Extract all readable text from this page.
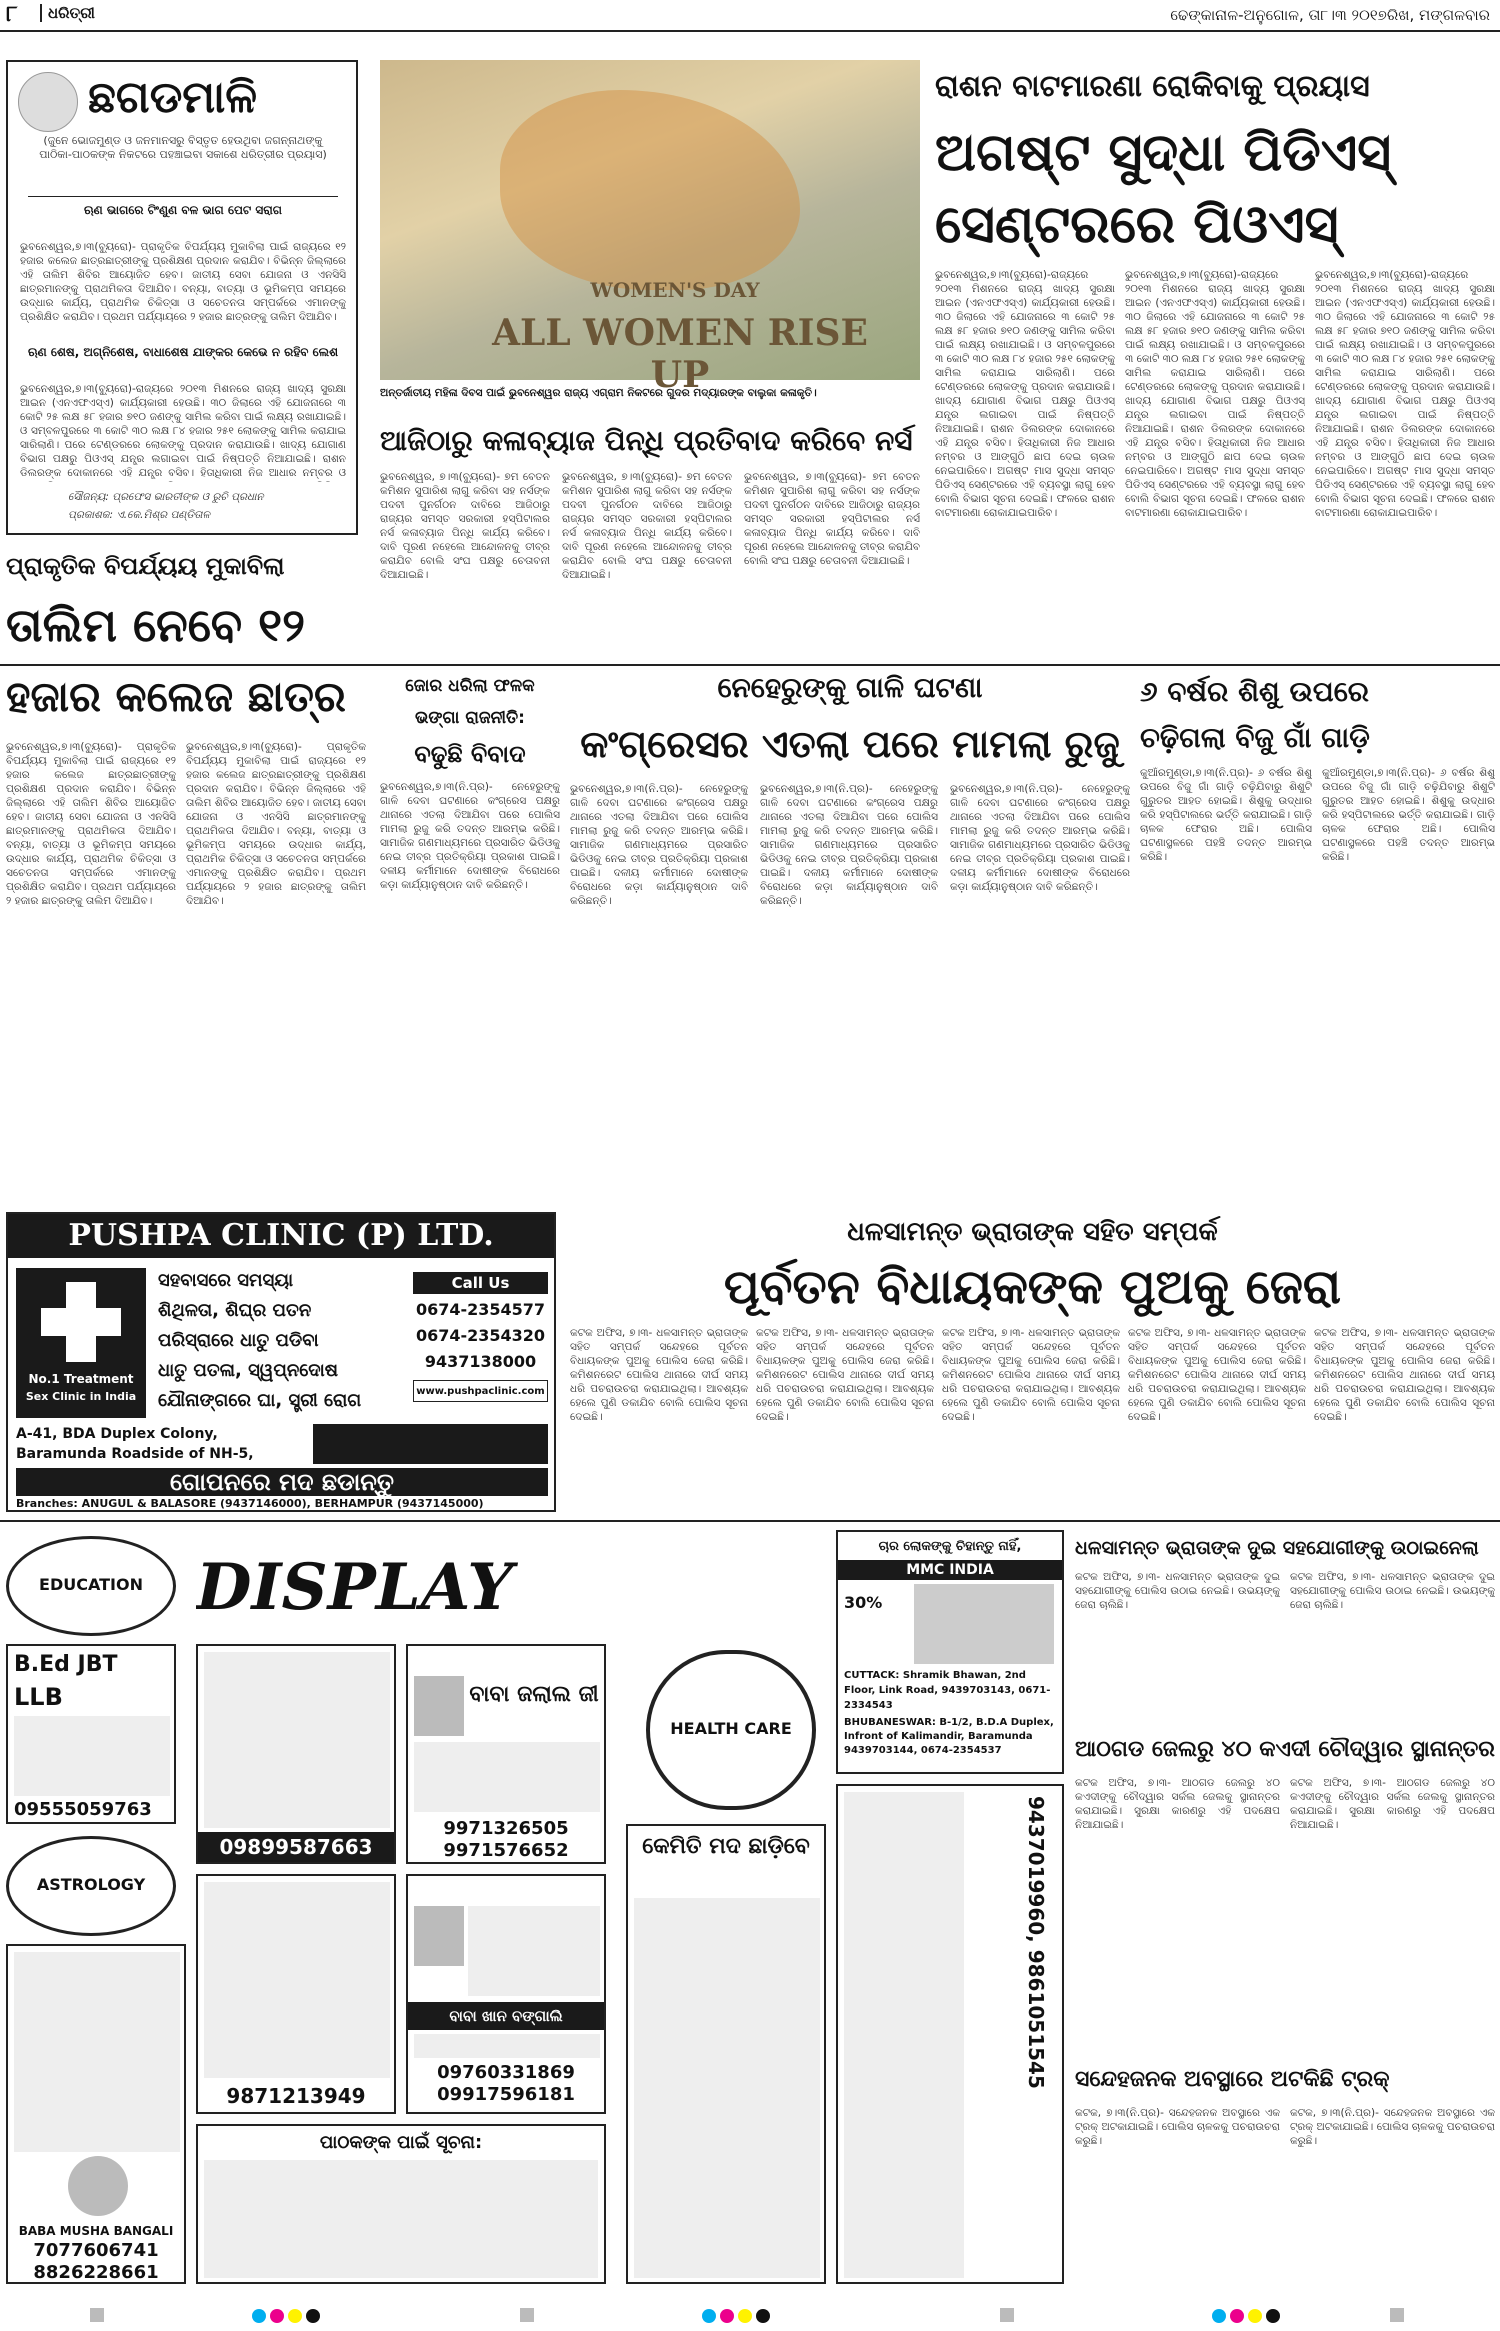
୮	ଧରିତ୍ରୀ	ଢେଙ୍କାନାଳ-ଅନୁଗୋଳ, ତା୮।୩ ୨୦୧୭ରିଖ, ମଙ୍ଗଳବାର
ଛଗଡମାଳି
(ଜୁନେ ଭୋଜମୁଣ୍ଡ ଓ ଜନମାନସରୁ ବିସ୍ତୃତ ହେଉଥିବା ଜଗନ୍ନାଥଙ୍କୁ ପାଠିକା-ପାଠକଙ୍କ ନିକଟରେ ପହଞ୍ଚାଇବା ସକାଶେ ଧରିତ୍ରୀର ପ୍ରୟାସ)
ଋଣ ଭାଗରେ ଟିଂଣୁଣ ବଳ ଭାଗ ପେଟ ସରାଗ
ଭୁବନେଶ୍ୱର,୭।୩(ବ୍ୟୁରୋ)- ପ୍ରାକୃତିକ ବିପର୍ଯ୍ୟୟ ମୁକାବିଲା ପାଇଁ ରାଜ୍ୟରେ ୧୨ ହଜାର କଲେଜ ଛାତ୍ରଛାତ୍ରୀଙ୍କୁ ପ୍ରଶିକ୍ଷଣ ପ୍ରଦାନ କରାଯିବ। ବିଭିନ୍ନ ଜିଲ୍ଲାରେ ଏହି ତାଲିମ ଶିବିର ଆୟୋଜିତ ହେବ। ଜାତୀୟ ସେବା ଯୋଜନା ଓ ଏନସିସି ଛାତ୍ରମାନଙ୍କୁ ପ୍ରାଥମିକତା ଦିଆଯିବ। ବନ୍ୟା, ବାତ୍ୟା ଓ ଭୂମିକମ୍ପ ସମୟରେ ଉଦ୍ଧାର କାର୍ଯ୍ୟ, ପ୍ରାଥମିକ ଚିକିତ୍ସା ଓ ସଚେତନତା ସମ୍ପର୍କରେ ଏମାନଙ୍କୁ ପ୍ରଶିକ୍ଷିତ କରାଯିବ। ପ୍ରଥମ ପର୍ଯ୍ୟାୟରେ ୨ ହଜାର ଛାତ୍ରଙ୍କୁ ତାଲିମ ଦିଆଯିବ।
ଋଣ ଶେଷ, ଅଗ୍ନିଶେଷ, ବାଧାଶେଷ ଯାଙ୍କର କେଭେ ନ ରହିବ ଲେଶ
ଭୁବନେଶ୍ୱର,୭।୩(ବ୍ୟୁରୋ)-ରାଜ୍ୟରେ ୨୦୧୩ ମିଶନରେ ରାଜ୍ୟ ଖାଦ୍ୟ ସୁରକ୍ଷା ଆଇନ (ଏନଏଫଏସ୍ଏ) କାର୍ଯ୍ୟକାରୀ ହେଉଛି। ୩୦ ଜିଲାରେ ଏହି ଯୋଜନାରେ ୩ କୋଟି ୨୫ ଲକ୍ଷ ୫୮ ହଜାର ୭୧୦ ଜଣଙ୍କୁ ସାମିଲ କରିବା ପାଇଁ ଲକ୍ଷ୍ୟ ରଖାଯାଇଛି। ଓ ସମ୍ବଳପୁରରେ ୩ କୋଟି ୩୦ ଲକ୍ଷ ୮୪ ହଜାର ୨୫୧ ଲୋକଙ୍କୁ ସାମିଲ କରାଯାଇ ସାରିଲାଣି। ପରେ ଟେଣ୍ଡରରେ ଲୋକଙ୍କୁ ପ୍ରଦାନ କରାଯାଉଛି। ଖାଦ୍ୟ ଯୋଗାଣ ବିଭାଗ ପକ୍ଷରୁ ପିଓଏସ୍ ଯନ୍ତ୍ର ଲଗାଇବା ପାଇଁ ନିଷ୍ପତ୍ତି ନିଆଯାଇଛି। ରାଶନ ଡିଲରଙ୍କ ଦୋକାନରେ ଏହି ଯନ୍ତ୍ର ବସିବ। ହିତାଧିକାରୀ ନିଜ ଆଧାର ନମ୍ବର ଓ
ସୌଜନ୍ୟ: ପ୍ରଫେସ ଭାରତୀଙ୍କ ଓ ରୁଚି ପ୍ରଧାନ
ପ୍ରକାଶକ: ଏ.କେ.ମିଶ୍ର ପଣ୍ଡିତାଳ
WOMEN'S DAY
ALL WOMEN RISE UP
ଅନ୍ତର୍ଜାତୀୟ ମହିଳା ଦିବସ ପାଇଁ ଭୁବନେଶ୍ୱର ରାଜ୍ୟ ଏଗ୍ରାମ ନିକଟରେ ଗୁଦର ମଦ୍ୟାରଙ୍କ ବାଲୁକା କଳାକୃତି।
ରାଶନ ବାଟମାରଣା ରୋକିବାକୁ ପ୍ରୟାସ
ଅଗଷ୍ଟ ସୁଦ୍ଧା ପିଡିଏସ୍
ସେଣ୍ଟରରେ ପିଓଏସ୍
ଭୁବନେଶ୍ୱର,୭।୩(ବ୍ୟୁରୋ)-ରାଜ୍ୟରେ ୨୦୧୩ ମିଶନରେ ରାଜ୍ୟ ଖାଦ୍ୟ ସୁରକ୍ଷା ଆଇନ (ଏନଏଫଏସ୍ଏ) କାର୍ଯ୍ୟକାରୀ ହେଉଛି। ୩୦ ଜିଲାରେ ଏହି ଯୋଜନାରେ ୩ କୋଟି ୨୫ ଲକ୍ଷ ୫୮ ହଜାର ୭୧୦ ଜଣଙ୍କୁ ସାମିଲ କରିବା ପାଇଁ ଲକ୍ଷ୍ୟ ରଖାଯାଇଛି। ଓ ସମ୍ବଳପୁରରେ ୩ କୋଟି ୩୦ ଲକ୍ଷ ୮୪ ହଜାର ୨୫୧ ଲୋକଙ୍କୁ ସାମିଲ କରାଯାଇ ସାରିଲାଣି। ପରେ ଟେଣ୍ଡରରେ ଲୋକଙ୍କୁ ପ୍ରଦାନ କରାଯାଉଛି। ଖାଦ୍ୟ ଯୋଗାଣ ବିଭାଗ ପକ୍ଷରୁ ପିଓଏସ୍ ଯନ୍ତ୍ର ଲଗାଇବା ପାଇଁ ନିଷ୍ପତ୍ତି ନିଆଯାଇଛି। ରାଶନ ଡିଲରଙ୍କ ଦୋକାନରେ ଏହି ଯନ୍ତ୍ର ବସିବ। ହିତାଧିକାରୀ ନିଜ ଆଧାର ନମ୍ବର ଓ ଆଙ୍ଗୁଠି ଛାପ ଦେଇ ଚାଉଳ ନେଇପାରିବେ। ଅଗଷ୍ଟ ମାସ ସୁଦ୍ଧା ସମସ୍ତ ପିଡିଏସ୍ ସେଣ୍ଟରରେ ଏହି ବ୍ୟବସ୍ଥା ଲାଗୁ ହେବ ବୋଲି ବିଭାଗ ସୂଚନା ଦେଇଛି। ଫଳରେ ରାଶନ ବାଟମାରଣା ରୋକାଯାଇପାରିବ।
ଭୁବନେଶ୍ୱର,୭।୩(ବ୍ୟୁରୋ)-ରାଜ୍ୟରେ ୨୦୧୩ ମିଶନରେ ରାଜ୍ୟ ଖାଦ୍ୟ ସୁରକ୍ଷା ଆଇନ (ଏନଏଫଏସ୍ଏ) କାର୍ଯ୍ୟକାରୀ ହେଉଛି। ୩୦ ଜିଲାରେ ଏହି ଯୋଜନାରେ ୩ କୋଟି ୨୫ ଲକ୍ଷ ୫୮ ହଜାର ୭୧୦ ଜଣଙ୍କୁ ସାମିଲ କରିବା ପାଇଁ ଲକ୍ଷ୍ୟ ରଖାଯାଇଛି। ଓ ସମ୍ବଳପୁରରେ ୩ କୋଟି ୩୦ ଲକ୍ଷ ୮୪ ହଜାର ୨୫୧ ଲୋକଙ୍କୁ ସାମିଲ କରାଯାଇ ସାରିଲାଣି। ପରେ ଟେଣ୍ଡରରେ ଲୋକଙ୍କୁ ପ୍ରଦାନ କରାଯାଉଛି। ଖାଦ୍ୟ ଯୋଗାଣ ବିଭାଗ ପକ୍ଷରୁ ପିଓଏସ୍ ଯନ୍ତ୍ର ଲଗାଇବା ପାଇଁ ନିଷ୍ପତ୍ତି ନିଆଯାଇଛି। ରାଶନ ଡିଲରଙ୍କ ଦୋକାନରେ ଏହି ଯନ୍ତ୍ର ବସିବ। ହିତାଧିକାରୀ ନିଜ ଆଧାର ନମ୍ବର ଓ ଆଙ୍ଗୁଠି ଛାପ ଦେଇ ଚାଉଳ ନେଇପାରିବେ। ଅଗଷ୍ଟ ମାସ ସୁଦ୍ଧା ସମସ୍ତ ପିଡିଏସ୍ ସେଣ୍ଟରରେ ଏହି ବ୍ୟବସ୍ଥା ଲାଗୁ ହେବ ବୋଲି ବିଭାଗ ସୂଚନା ଦେଇଛି। ଫଳରେ ରାଶନ ବାଟମାରଣା ରୋକାଯାଇପାରିବ।
ଭୁବନେଶ୍ୱର,୭।୩(ବ୍ୟୁରୋ)-ରାଜ୍ୟରେ ୨୦୧୩ ମିଶନରେ ରାଜ୍ୟ ଖାଦ୍ୟ ସୁରକ୍ଷା ଆଇନ (ଏନଏଫଏସ୍ଏ) କାର୍ଯ୍ୟକାରୀ ହେଉଛି। ୩୦ ଜିଲାରେ ଏହି ଯୋଜନାରେ ୩ କୋଟି ୨୫ ଲକ୍ଷ ୫୮ ହଜାର ୭୧୦ ଜଣଙ୍କୁ ସାମିଲ କରିବା ପାଇଁ ଲକ୍ଷ୍ୟ ରଖାଯାଇଛି। ଓ ସମ୍ବଳପୁରରେ ୩ କୋଟି ୩୦ ଲକ୍ଷ ୮୪ ହଜାର ୨୫୧ ଲୋକଙ୍କୁ ସାମିଲ କରାଯାଇ ସାରିଲାଣି। ପରେ ଟେଣ୍ଡରରେ ଲୋକଙ୍କୁ ପ୍ରଦାନ କରାଯାଉଛି। ଖାଦ୍ୟ ଯୋଗାଣ ବିଭାଗ ପକ୍ଷରୁ ପିଓଏସ୍ ଯନ୍ତ୍ର ଲଗାଇବା ପାଇଁ ନିଷ୍ପତ୍ତି ନିଆଯାଇଛି। ରାଶନ ଡିଲରଙ୍କ ଦୋକାନରେ ଏହି ଯନ୍ତ୍ର ବସିବ। ହିତାଧିକାରୀ ନିଜ ଆଧାର ନମ୍ବର ଓ ଆଙ୍ଗୁଠି ଛାପ ଦେଇ ଚାଉଳ ନେଇପାରିବେ। ଅଗଷ୍ଟ ମାସ ସୁଦ୍ଧା ସମସ୍ତ ପିଡିଏସ୍ ସେଣ୍ଟରରେ ଏହି ବ୍ୟବସ୍ଥା ଲାଗୁ ହେବ ବୋଲି ବିଭାଗ ସୂଚନା ଦେଇଛି। ଫଳରେ ରାଶନ ବାଟମାରଣା ରୋକାଯାଇପାରିବ।
ଆଜିଠାରୁ କଳାବ୍ୟାଜ ପିନ୍ଧି ପ୍ରତିବାଦ କରିବେ ନର୍ସ
ଭୁବନେଶ୍ୱର, ୭।୩(ବ୍ୟୁରୋ)- ୭ମ ବେତନ କମିଶନ ସୁପାରିଶ ଲାଗୁ କରିବା ସହ ନର୍ସଙ୍କ ପଦବୀ ପୁନର୍ଗଠନ ଦାବିରେ ଆଜିଠାରୁ ରାଜ୍ୟର ସମସ୍ତ ସରକାରୀ ହସ୍ପିଟାଲର ନର୍ସ କଳାବ୍ୟାଜ ପିନ୍ଧି କାର୍ଯ୍ୟ କରିବେ। ଦାବି ପୂରଣ ନହେଲେ ଆନ୍ଦୋଳନକୁ ତୀବ୍ର କରାଯିବ ବୋଲି ସଂଘ ପକ୍ଷରୁ ଚେତାବନୀ ଦିଆଯାଇଛି।
ଭୁବନେଶ୍ୱର, ୭।୩(ବ୍ୟୁରୋ)- ୭ମ ବେତନ କମିଶନ ସୁପାରିଶ ଲାଗୁ କରିବା ସହ ନର୍ସଙ୍କ ପଦବୀ ପୁନର୍ଗଠନ ଦାବିରେ ଆଜିଠାରୁ ରାଜ୍ୟର ସମସ୍ତ ସରକାରୀ ହସ୍ପିଟାଲର ନର୍ସ କଳାବ୍ୟାଜ ପିନ୍ଧି କାର୍ଯ୍ୟ କରିବେ। ଦାବି ପୂରଣ ନହେଲେ ଆନ୍ଦୋଳନକୁ ତୀବ୍ର କରାଯିବ ବୋଲି ସଂଘ ପକ୍ଷରୁ ଚେତାବନୀ ଦିଆଯାଇଛି।
ଭୁବନେଶ୍ୱର, ୭।୩(ବ୍ୟୁରୋ)- ୭ମ ବେତନ କମିଶନ ସୁପାରିଶ ଲାଗୁ କରିବା ସହ ନର୍ସଙ୍କ ପଦବୀ ପୁନର୍ଗଠନ ଦାବିରେ ଆଜିଠାରୁ ରାଜ୍ୟର ସମସ୍ତ ସରକାରୀ ହସ୍ପିଟାଲର ନର୍ସ କଳାବ୍ୟାଜ ପିନ୍ଧି କାର୍ଯ୍ୟ କରିବେ। ଦାବି ପୂରଣ ନହେଲେ ଆନ୍ଦୋଳନକୁ ତୀବ୍ର କରାଯିବ ବୋଲି ସଂଘ ପକ୍ଷରୁ ଚେତାବନୀ ଦିଆଯାଇଛି।
ପ୍ରାକୃତିକ ବିପର୍ଯ୍ୟୟ ମୁକାବିଲା
ତାଲିମ ନେବେ ୧୨
ହଜାର କଲେଜ ଛାତ୍ର
ଭୁବନେଶ୍ୱର,୭।୩(ବ୍ୟୁରୋ)- ପ୍ରାକୃତିକ ବିପର୍ଯ୍ୟୟ ମୁକାବିଲା ପାଇଁ ରାଜ୍ୟରେ ୧୨ ହଜାର କଲେଜ ଛାତ୍ରଛାତ୍ରୀଙ୍କୁ ପ୍ରଶିକ୍ଷଣ ପ୍ରଦାନ କରାଯିବ। ବିଭିନ୍ନ ଜିଲ୍ଲାରେ ଏହି ତାଲିମ ଶିବିର ଆୟୋଜିତ ହେବ। ଜାତୀୟ ସେବା ଯୋଜନା ଓ ଏନସିସି ଛାତ୍ରମାନଙ୍କୁ ପ୍ରାଥମିକତା ଦିଆଯିବ। ବନ୍ୟା, ବାତ୍ୟା ଓ ଭୂମିକମ୍ପ ସମୟରେ ଉଦ୍ଧାର କାର୍ଯ୍ୟ, ପ୍ରାଥମିକ ଚିକିତ୍ସା ଓ ସଚେତନତା ସମ୍ପର୍କରେ ଏମାନଙ୍କୁ ପ୍ରଶିକ୍ଷିତ କରାଯିବ। ପ୍ରଥମ ପର୍ଯ୍ୟାୟରେ ୨ ହଜାର ଛାତ୍ରଙ୍କୁ ତାଲିମ ଦିଆଯିବ।
ଭୁବନେଶ୍ୱର,୭।୩(ବ୍ୟୁରୋ)- ପ୍ରାକୃତିକ ବିପର୍ଯ୍ୟୟ ମୁକାବିଲା ପାଇଁ ରାଜ୍ୟରେ ୧୨ ହଜାର କଲେଜ ଛାତ୍ରଛାତ୍ରୀଙ୍କୁ ପ୍ରଶିକ୍ଷଣ ପ୍ରଦାନ କରାଯିବ। ବିଭିନ୍ନ ଜିଲ୍ଲାରେ ଏହି ତାଲିମ ଶିବିର ଆୟୋଜିତ ହେବ। ଜାତୀୟ ସେବା ଯୋଜନା ଓ ଏନସିସି ଛାତ୍ରମାନଙ୍କୁ ପ୍ରାଥମିକତା ଦିଆଯିବ। ବନ୍ୟା, ବାତ୍ୟା ଓ ଭୂମିକମ୍ପ ସମୟରେ ଉଦ୍ଧାର କାର୍ଯ୍ୟ, ପ୍ରାଥମିକ ଚିକିତ୍ସା ଓ ସଚେତନତା ସମ୍ପର୍କରେ ଏମାନଙ୍କୁ ପ୍ରଶିକ୍ଷିତ କରାଯିବ। ପ୍ରଥମ ପର୍ଯ୍ୟାୟରେ ୨ ହଜାର ଛାତ୍ରଙ୍କୁ ତାଲିମ ଦିଆଯିବ।
ଜୋର ଧରିଲା ଫଳକ
ଭଙ୍ଗା ରାଜନୀତି:
ବଢୁଛି ବିବାଦ
ଭୁବନେଶ୍ୱର,୭।୩(ନି.ପ୍ର)- ନେହେରୁଙ୍କୁ ଗାଳି ଦେବା ଘଟଣାରେ କଂଗ୍ରେସ ପକ୍ଷରୁ ଥାନାରେ ଏତଲା ଦିଆଯିବା ପରେ ପୋଲିସ ମାମଲା ରୁଜୁ କରି ତଦନ୍ତ ଆରମ୍ଭ କରିଛି। ସାମାଜିକ ଗଣମାଧ୍ୟମରେ ପ୍ରସାରିତ ଭିଡିଓକୁ ନେଇ ତୀବ୍ର ପ୍ରତିକ୍ରିୟା ପ୍ରକାଶ ପାଇଛି। ଦଳୀୟ କର୍ମୀମାନେ ଦୋଷୀଙ୍କ ବିରୋଧରେ କଡ଼ା କାର୍ଯ୍ୟାନୁଷ୍ଠାନ ଦାବି କରିଛନ୍ତି।
ନେହେରୁଙ୍କୁ ଗାଳି ଘଟଣା
କଂଗ୍ରେସର ଏତଲା ପରେ ମାମଲା ରୁଜୁ
ଭୁବନେଶ୍ୱର,୭।୩(ନି.ପ୍ର)- ନେହେରୁଙ୍କୁ ଗାଳି ଦେବା ଘଟଣାରେ କଂଗ୍ରେସ ପକ୍ଷରୁ ଥାନାରେ ଏତଲା ଦିଆଯିବା ପରେ ପୋଲିସ ମାମଲା ରୁଜୁ କରି ତଦନ୍ତ ଆରମ୍ଭ କରିଛି। ସାମାଜିକ ଗଣମାଧ୍ୟମରେ ପ୍ରସାରିତ ଭିଡିଓକୁ ନେଇ ତୀବ୍ର ପ୍ରତିକ୍ରିୟା ପ୍ରକାଶ ପାଇଛି। ଦଳୀୟ କର୍ମୀମାନେ ଦୋଷୀଙ୍କ ବିରୋଧରେ କଡ଼ା କାର୍ଯ୍ୟାନୁଷ୍ଠାନ ଦାବି କରିଛନ୍ତି।
ଭୁବନେଶ୍ୱର,୭।୩(ନି.ପ୍ର)- ନେହେରୁଙ୍କୁ ଗାଳି ଦେବା ଘଟଣାରେ କଂଗ୍ରେସ ପକ୍ଷରୁ ଥାନାରେ ଏତଲା ଦିଆଯିବା ପରେ ପୋଲିସ ମାମଲା ରୁଜୁ କରି ତଦନ୍ତ ଆରମ୍ଭ କରିଛି। ସାମାଜିକ ଗଣମାଧ୍ୟମରେ ପ୍ରସାରିତ ଭିଡିଓକୁ ନେଇ ତୀବ୍ର ପ୍ରତିକ୍ରିୟା ପ୍ରକାଶ ପାଇଛି। ଦଳୀୟ କର୍ମୀମାନେ ଦୋଷୀଙ୍କ ବିରୋଧରେ କଡ଼ା କାର୍ଯ୍ୟାନୁଷ୍ଠାନ ଦାବି କରିଛନ୍ତି।
ଭୁବନେଶ୍ୱର,୭।୩(ନି.ପ୍ର)- ନେହେରୁଙ୍କୁ ଗାଳି ଦେବା ଘଟଣାରେ କଂଗ୍ରେସ ପକ୍ଷରୁ ଥାନାରେ ଏତଲା ଦିଆଯିବା ପରେ ପୋଲିସ ମାମଲା ରୁଜୁ କରି ତଦନ୍ତ ଆରମ୍ଭ କରିଛି। ସାମାଜିକ ଗଣମାଧ୍ୟମରେ ପ୍ରସାରିତ ଭିଡିଓକୁ ନେଇ ତୀବ୍ର ପ୍ରତିକ୍ରିୟା ପ୍ରକାଶ ପାଇଛି। ଦଳୀୟ କର୍ମୀମାନେ ଦୋଷୀଙ୍କ ବିରୋଧରେ କଡ଼ା କାର୍ଯ୍ୟାନୁଷ୍ଠାନ ଦାବି କରିଛନ୍ତି।
୬ ବର୍ଷର ଶିଶୁ ଉପରେ
ଚଢ଼ିଗଲା ବିଜୁ ଗାଁ ଗାଡ଼ି
କୁଆଁରମୁଣ୍ଡା,୭।୩(ନି.ପ୍ର)- ୬ ବର୍ଷର ଶିଶୁ ଉପରେ ବିଜୁ ଗାଁ ଗାଡ଼ି ଚଢ଼ିଯିବାରୁ ଶିଶୁଟି ଗୁରୁତର ଆହତ ହୋଇଛି। ଶିଶୁକୁ ଉଦ୍ଧାର କରି ହସ୍ପିଟାଲରେ ଭର୍ତ୍ତି କରାଯାଇଛି। ଗାଡ଼ି ଚାଳକ ଫେରାର ଅଛି। ପୋଲିସ ଘଟଣାସ୍ଥଳରେ ପହଞ୍ଚି ତଦନ୍ତ ଆରମ୍ଭ କରିଛି।
କୁଆଁରମୁଣ୍ଡା,୭।୩(ନି.ପ୍ର)- ୬ ବର୍ଷର ଶିଶୁ ଉପରେ ବିଜୁ ଗାଁ ଗାଡ଼ି ଚଢ଼ିଯିବାରୁ ଶିଶୁଟି ଗୁରୁତର ଆହତ ହୋଇଛି। ଶିଶୁକୁ ଉଦ୍ଧାର କରି ହସ୍ପିଟାଲରେ ଭର୍ତ୍ତି କରାଯାଇଛି। ଗାଡ଼ି ଚାଳକ ଫେରାର ଅଛି। ପୋଲିସ ଘଟଣାସ୍ଥଳରେ ପହଞ୍ଚି ତଦନ୍ତ ଆରମ୍ଭ କରିଛି।
PUSHPA CLINIC (P) LTD.
No.1 Treatment
Sex Clinic in India
ସହବାସରେ ସମସ୍ୟା
ଶିଥିଳତା, ଶିଘ୍ର ପତନ
ପରିସ୍ରାରେ ଧାତୁ ପଡିବା
ଧାତୁ ପତଳା, ସ୍ୱପ୍ନଦୋଷ
ଯୌନାଙ୍ଗରେ ଘା, ସ୍ତ୍ରୀ ରୋଗ
Call Us
0674-2354577
0674-2354320
9437138000
www.pushpaclinic.com
A-41, BDA Duplex Colony, Baramunda Roadside of NH-5,
ଗୋପନରେ ମଦ ଛଡାନ୍ତୁ
Branches: ANUGUL & BALASORE (9437146000), BERHAMPUR (9437145000)
ଧଳସାମନ୍ତ ଭ୍ରାତାଙ୍କ ସହିତ ସମ୍ପର୍କ
ପୂର୍ବତନ ବିଧାୟକଙ୍କ ପୁଅକୁ ଜେରା
କଟକ ଅଫିସ, ୭।୩- ଧଳସାମନ୍ତ ଭ୍ରାତାଙ୍କ ସହିତ ସମ୍ପର୍କ ସନ୍ଦେହରେ ପୂର୍ବତନ ବିଧାୟକଙ୍କ ପୁଅକୁ ପୋଲିସ ଜେରା କରିଛି। କମିଶନରେଟ ପୋଲିସ ଥାନାରେ ଦୀର୍ଘ ସମୟ ଧରି ପଚରାଉଚରା କରାଯାଇଥିଲା। ଆବଶ୍ୟକ ହେଲେ ପୁଣି ଡକାଯିବ ବୋଲି ପୋଲିସ ସୂଚନା ଦେଇଛି।
କଟକ ଅଫିସ, ୭।୩- ଧଳସାମନ୍ତ ଭ୍ରାତାଙ୍କ ସହିତ ସମ୍ପର୍କ ସନ୍ଦେହରେ ପୂର୍ବତନ ବିଧାୟକଙ୍କ ପୁଅକୁ ପୋଲିସ ଜେରା କରିଛି। କମିଶନରେଟ ପୋଲିସ ଥାନାରେ ଦୀର୍ଘ ସମୟ ଧରି ପଚରାଉଚରା କରାଯାଇଥିଲା। ଆବଶ୍ୟକ ହେଲେ ପୁଣି ଡକାଯିବ ବୋଲି ପୋଲିସ ସୂଚନା ଦେଇଛି।
କଟକ ଅଫିସ, ୭।୩- ଧଳସାମନ୍ତ ଭ୍ରାତାଙ୍କ ସହିତ ସମ୍ପର୍କ ସନ୍ଦେହରେ ପୂର୍ବତନ ବିଧାୟକଙ୍କ ପୁଅକୁ ପୋଲିସ ଜେରା କରିଛି। କମିଶନରେଟ ପୋଲିସ ଥାନାରେ ଦୀର୍ଘ ସମୟ ଧରି ପଚରାଉଚରା କରାଯାଇଥିଲା। ଆବଶ୍ୟକ ହେଲେ ପୁଣି ଡକାଯିବ ବୋଲି ପୋଲିସ ସୂଚନା ଦେଇଛି।
କଟକ ଅଫିସ, ୭।୩- ଧଳସାମନ୍ତ ଭ୍ରାତାଙ୍କ ସହିତ ସମ୍ପର୍କ ସନ୍ଦେହରେ ପୂର୍ବତନ ବିଧାୟକଙ୍କ ପୁଅକୁ ପୋଲିସ ଜେରା କରିଛି। କମିଶନରେଟ ପୋଲିସ ଥାନାରେ ଦୀର୍ଘ ସମୟ ଧରି ପଚରାଉଚରା କରାଯାଇଥିଲା। ଆବଶ୍ୟକ ହେଲେ ପୁଣି ଡକାଯିବ ବୋଲି ପୋଲିସ ସୂଚନା ଦେଇଛି।
କଟକ ଅଫିସ, ୭।୩- ଧଳସାମନ୍ତ ଭ୍ରାତାଙ୍କ ସହିତ ସମ୍ପର୍କ ସନ୍ଦେହରେ ପୂର୍ବତନ ବିଧାୟକଙ୍କ ପୁଅକୁ ପୋଲିସ ଜେରା କରିଛି। କମିଶନରେଟ ପୋଲିସ ଥାନାରେ ଦୀର୍ଘ ସମୟ ଧରି ପଚରାଉଚରା କରାଯାଇଥିଲା। ଆବଶ୍ୟକ ହେଲେ ପୁଣି ଡକାଯିବ ବୋଲି ପୋଲିସ ସୂଚନା ଦେଇଛି।
EDUCATION DISPLAY
B.Ed JBT
LLB
09555059763
ASTROLOGY
BABA MUSHA BANGALI
7077606741
8826228661
09899587663
ବାବା ଜଲାଲ ଜୀ
9971326505
9971576652
9871213949
ବାବା ଖାନ ବଙ୍ଗାଲି
09760331869
09917596181
ପାଠକଙ୍କ ପାଇଁ ସୂଚନା:
HEALTH CARE
କେମିତି ମଦ ଛାଡ଼ିବେ
ଚାର ଲୋକଙ୍କୁ ଚିହାନ୍ତୁ ନାହିଁ,
MMC INDIA
30%
CUTTACK: Shramik Bhawan, 2nd Floor, Link Road, 9439703143, 0671-2334543
BHUBANESWAR: B-1/2, B.D.A Duplex, Infront of Kalimandir, Baramunda 9439703144, 0674-2354537
9437019960, 9861051545
ଧଳସାମନ୍ତ ଭ୍ରାତାଙ୍କ ଦୁଇ ସହଯୋଗୀଙ୍କୁ ଉଠାଇନେଲା
କଟକ ଅଫିସ, ୭।୩- ଧଳସାମନ୍ତ ଭ୍ରାତାଙ୍କ ଦୁଇ ସହଯୋଗୀଙ୍କୁ ପୋଲିସ ଉଠାଇ ନେଇଛି। ଉଭୟଙ୍କୁ ଜେରା ଚାଲିଛି।
କଟକ ଅଫିସ, ୭।୩- ଧଳସାମନ୍ତ ଭ୍ରାତାଙ୍କ ଦୁଇ ସହଯୋଗୀଙ୍କୁ ପୋଲିସ ଉଠାଇ ନେଇଛି। ଉଭୟଙ୍କୁ ଜେରା ଚାଲିଛି।
ଆଠଗଡ ଜେଲରୁ ୪୦ କଏଦୀ ଚୌଦ୍ୱାର ସ୍ଥାନାନ୍ତର
କଟକ ଅଫିସ, ୭।୩- ଆଠଗଡ ଜେଲରୁ ୪୦ କଏଦୀଙ୍କୁ ଚୌଦ୍ୱାର ସର୍କଲ ଜେଲକୁ ସ୍ଥାନାନ୍ତର କରାଯାଇଛି। ସୁରକ୍ଷା କାରଣରୁ ଏହି ପଦକ୍ଷେପ ନିଆଯାଇଛି।
କଟକ ଅଫିସ, ୭।୩- ଆଠଗଡ ଜେଲରୁ ୪୦ କଏଦୀଙ୍କୁ ଚୌଦ୍ୱାର ସର୍କଲ ଜେଲକୁ ସ୍ଥାନାନ୍ତର କରାଯାଇଛି। ସୁରକ୍ଷା କାରଣରୁ ଏହି ପଦକ୍ଷେପ ନିଆଯାଇଛି।
ସନ୍ଦେହଜନକ ଅବସ୍ଥାରେ ଅଟକିଛି ଟ୍ରକ୍
କଟକ, ୭।୩(ନି.ପ୍ର)- ସନ୍ଦେହଜନକ ଅବସ୍ଥାରେ ଏକ ଟ୍ରକ୍ ଅଟକାଯାଇଛି। ପୋଲିସ ଚାଳକକୁ ପଚରାଉଚରା କରୁଛି।
କଟକ, ୭।୩(ନି.ପ୍ର)- ସନ୍ଦେହଜନକ ଅବସ୍ଥାରେ ଏକ ଟ୍ରକ୍ ଅଟକାଯାଇଛି। ପୋଲିସ ଚାଳକକୁ ପଚରାଉଚରା କରୁଛି।
